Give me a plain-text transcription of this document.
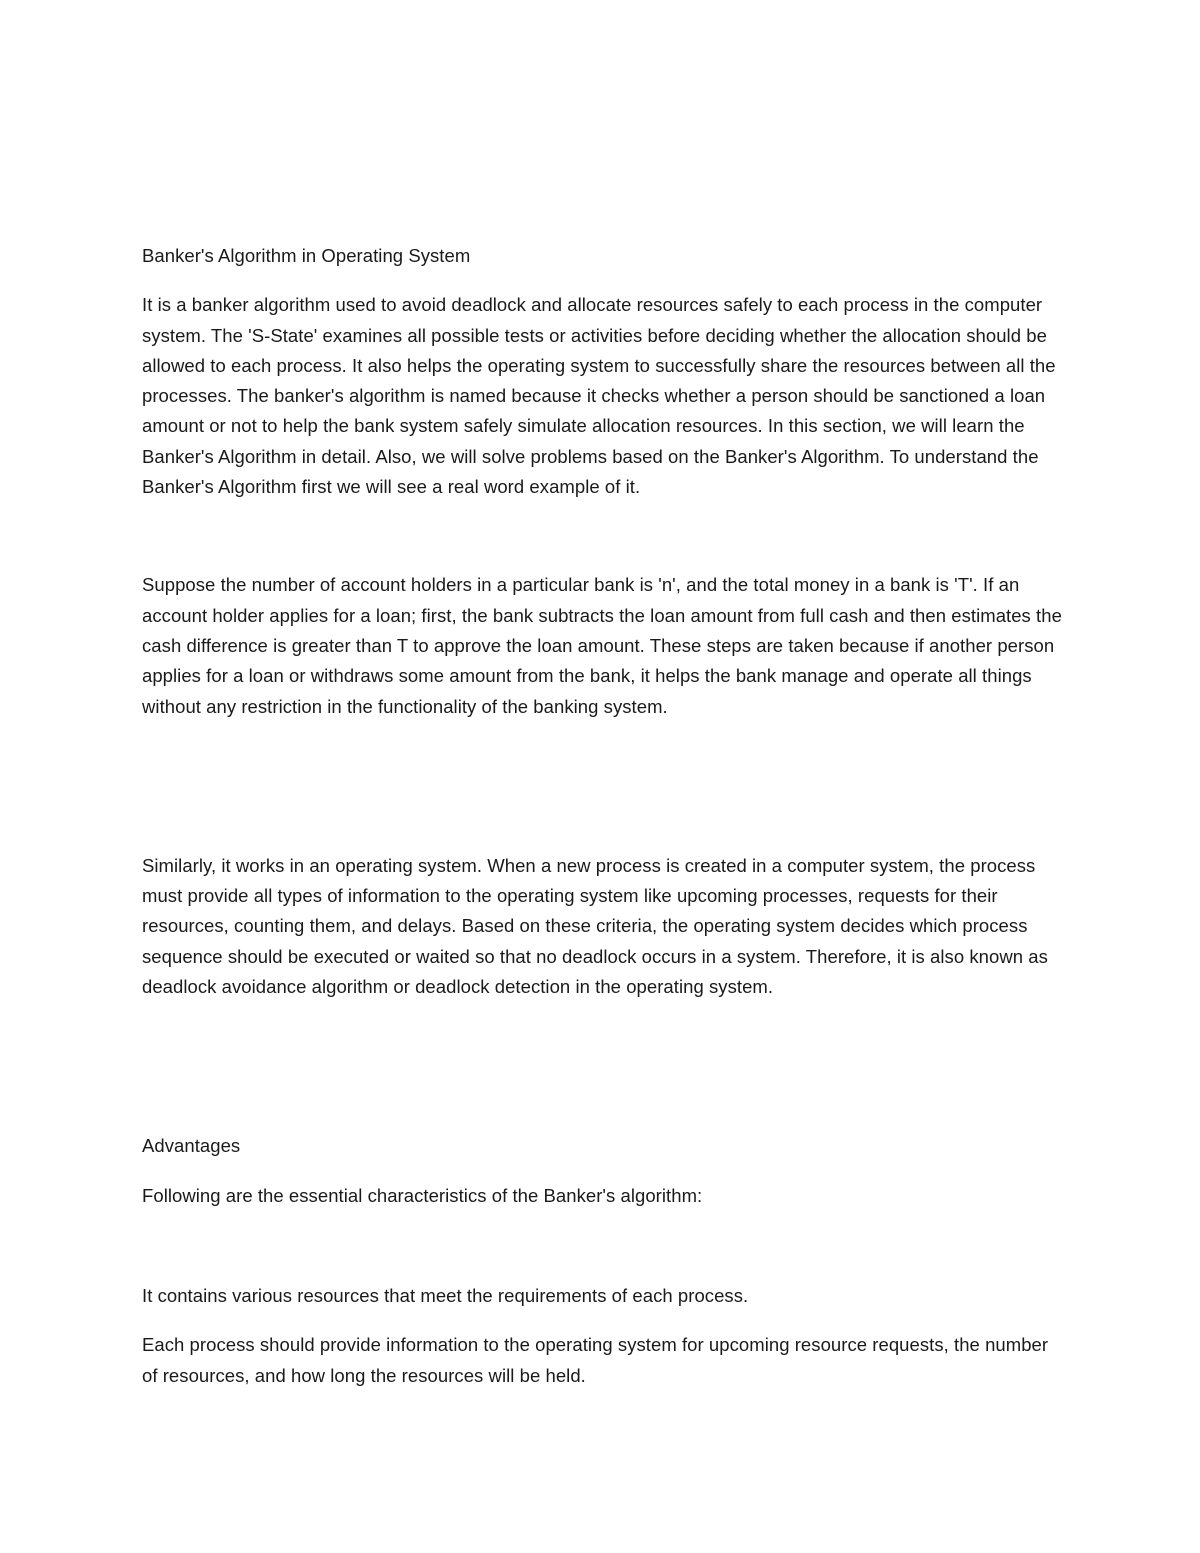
Banker's Algorithm in Operating System

It is a banker algorithm used to avoid deadlock and allocate resources safely to each process in the computer system. The 'S-State' examines all possible tests or activities before deciding whether the allocation should be allowed to each process. It also helps the operating system to successfully share the resources between all the processes. The banker's algorithm is named because it checks whether a person should be sanctioned a loan amount or not to help the bank system safely simulate allocation resources. In this section, we will learn the Banker's Algorithm in detail. Also, we will solve problems based on the Banker's Algorithm. To understand the Banker's Algorithm first we will see a real word example of it.

Suppose the number of account holders in a particular bank is 'n', and the total money in a bank is 'T'. If an account holder applies for a loan; first, the bank subtracts the loan amount from full cash and then estimates the cash difference is greater than T to approve the loan amount. These steps are taken because if another person applies for a loan or withdraws some amount from the bank, it helps the bank manage and operate all things without any restriction in the functionality of the banking system.

Similarly, it works in an operating system. When a new process is created in a computer system, the process must provide all types of information to the operating system like upcoming processes, requests for their resources, counting them, and delays. Based on these criteria, the operating system decides which process sequence should be executed or waited so that no deadlock occurs in a system. Therefore, it is also known as deadlock avoidance algorithm or deadlock detection in the operating system.

Advantages

Following are the essential characteristics of the Banker's algorithm:

It contains various resources that meet the requirements of each process.

Each process should provide information to the operating system for upcoming resource requests, the number of resources, and how long the resources will be held.
